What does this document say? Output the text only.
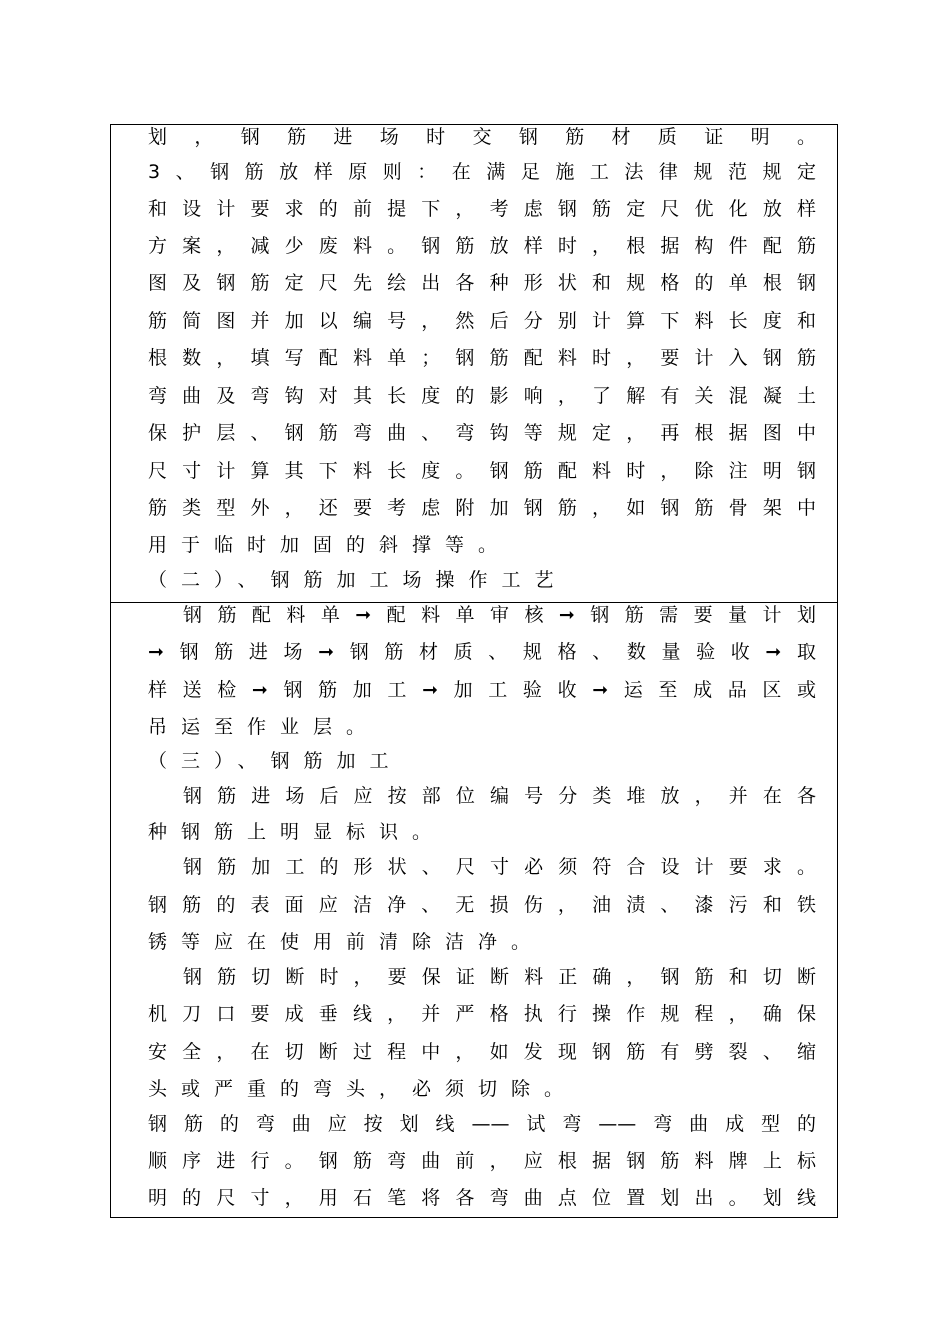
划，钢筋进场时交钢筋材质证明。
3、钢筋放样原则：在满足施工法律规范规定
和设计要求的前提下，考虑钢筋定尺优化放样
方案，减少废料。钢筋放样时，根据构件配筋
图及钢筋定尺先绘出各种形状和规格的单根钢
筋简图并加以编号，然后分别计算下料长度和
根数，填写配料单；钢筋配料时，要计入钢筋
弯曲及弯钩对其长度的影响，了解有关混凝土
保护层、钢筋弯曲、弯钩等规定，再根据图中
尺寸计算其下料长度。钢筋配料时，除注明钢
筋类型外，还要考虑附加钢筋，如钢筋骨架中
用于临时加固的斜撑等。
（二）、钢筋加工场操作工艺
钢筋配料单➞配料单审核➞钢筋需要量计划
➞钢筋进场➞钢筋材质、规格、数量验收➞取
样送检➞钢筋加工➞加工验收➞运至成品区或
吊运至作业层。
（三）、钢筋加工
钢筋进场后应按部位编号分类堆放，并在各
种钢筋上明显标识。
钢筋加工的形状、尺寸必须符合设计要求。
钢筋的表面应洁净、无损伤，油渍、漆污和铁
锈等应在使用前清除洁净。
钢筋切断时，要保证断料正确，钢筋和切断
机刀口要成垂线，并严格执行操作规程，确保
安全，在切断过程中，如发现钢筋有劈裂、缩
头或严重的弯头，必须切除。
钢筋的弯曲应按划线——试弯——弯曲成型的
顺序进行。钢筋弯曲前，应根据钢筋料牌上标
明的尺寸，用石笔将各弯曲点位置划出。划线
